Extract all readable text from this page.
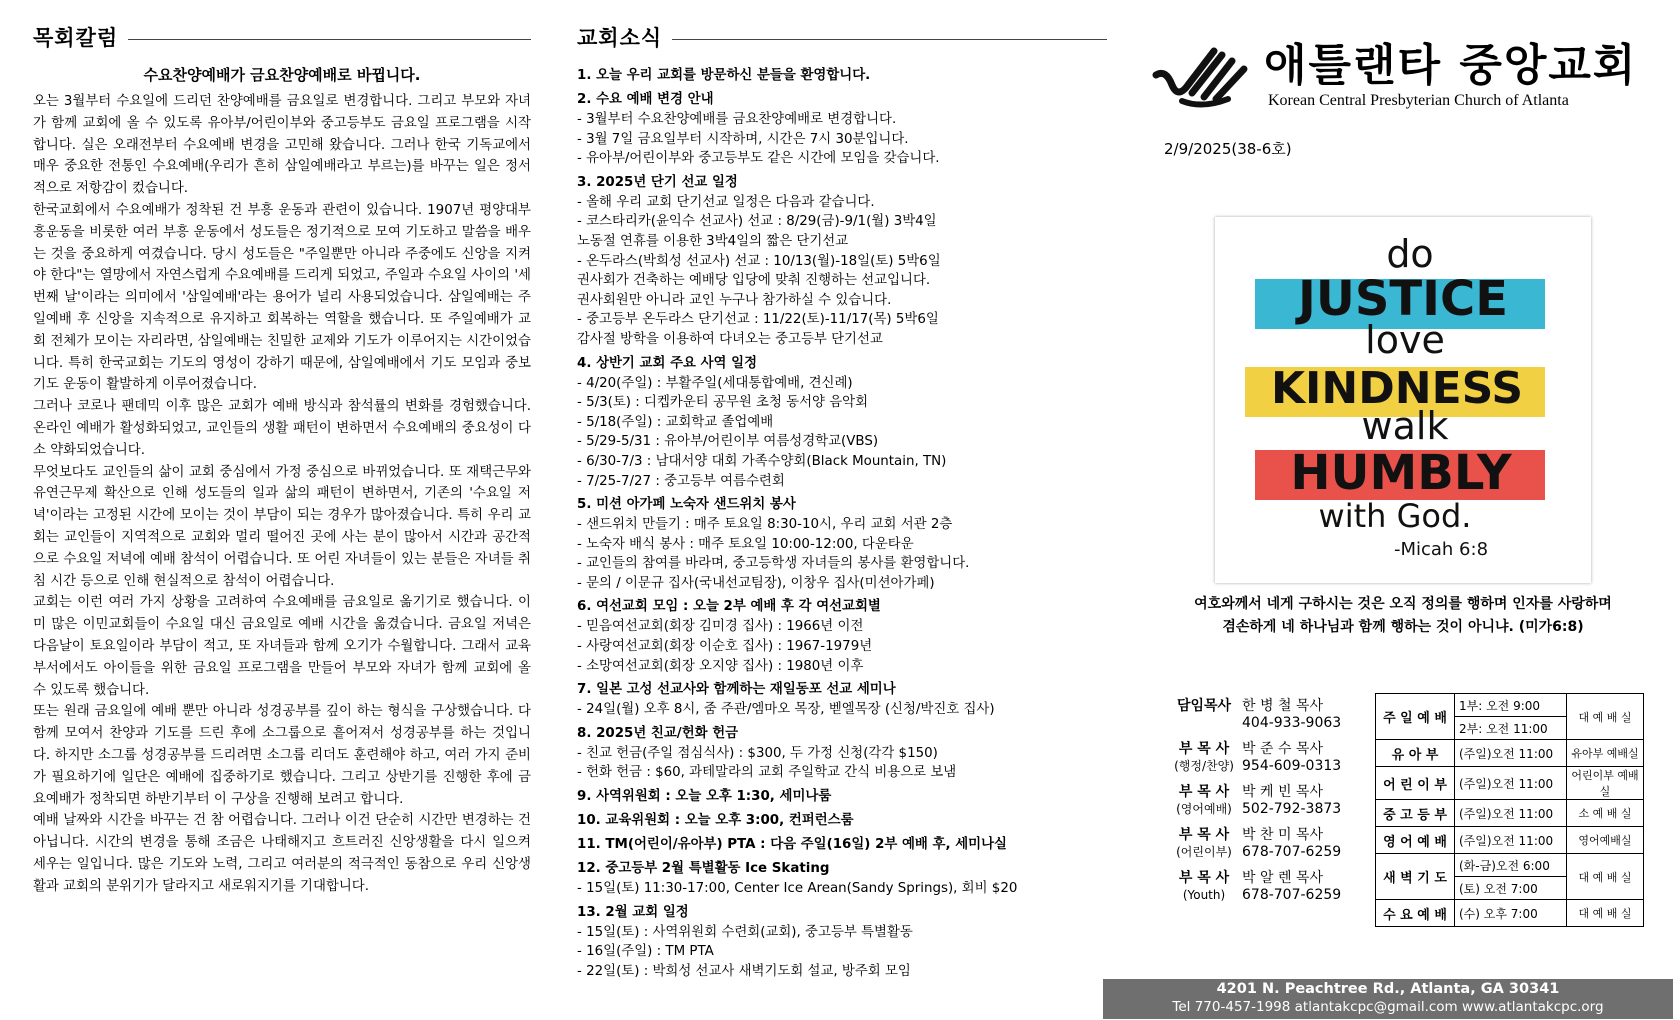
목회칼럼
수요찬양예배가 금요찬양예배로 바뀝니다.

오는 3월부터 수요일에 드리던 찬양예배를 금요일로 변경합니다. 그리고 부모와 자녀가 함께 교회에 올 수 있도록 유아부/어린이부와 중고등부도 금요일 프로그램을 시작합니다. 실은 오래전부터 수요예배 변경을 고민해 왔습니다. 그러나 한국 기독교에서 매우 중요한 전통인 수요예배(우리가 흔히 삼일예배라고 부르는)를 바꾸는 일은 정서적으로 저항감이 컸습니다.

한국교회에서 수요예배가 정착된 건 부흥 운동과 관련이 있습니다. 1907년 평양대부흥운동을 비롯한 여러 부흥 운동에서 성도들은 정기적으로 모여 기도하고 말씀을 배우는 것을 중요하게 여겼습니다. 당시 성도들은 "주일뿐만 아니라 주중에도 신앙을 지켜야 한다"는 열망에서 자연스럽게 수요예배를 드리게 되었고, 주일과 수요일 사이의 '세 번째 날'이라는 의미에서 '삼일예배'라는 용어가 널리 사용되었습니다. 삼일예배는 주일예배 후 신앙을 지속적으로 유지하고 회복하는 역할을 했습니다. 또 주일예배가 교회 전체가 모이는 자리라면, 삼일예배는 친밀한 교제와 기도가 이루어지는 시간이었습니다. 특히 한국교회는 기도의 영성이 강하기 때문에, 삼일예배에서 기도 모임과 중보기도 운동이 활발하게 이루어졌습니다.

그러나 코로나 팬데믹 이후 많은 교회가 예배 방식과 참석률의 변화를 경험했습니다. 온라인 예배가 활성화되었고, 교인들의 생활 패턴이 변하면서 수요예배의 중요성이 다소 약화되었습니다.

무엇보다도 교인들의 삶이 교회 중심에서 가정 중심으로 바뀌었습니다. 또 재택근무와 유연근무제 확산으로 인해 성도들의 일과 삶의 패턴이 변하면서, 기존의 '수요일 저녁'이라는 고정된 시간에 모이는 것이 부담이 되는 경우가 많아졌습니다. 특히 우리 교회는 교인들이 지역적으로 교회와 멀리 떨어진 곳에 사는 분이 많아서 시간과 공간적으로 수요일 저녁에 예배 참석이 어렵습니다. 또 어린 자녀들이 있는 분들은 자녀들 취침 시간 등으로 인해 현실적으로 참석이 어렵습니다.

교회는 이런 여러 가지 상황을 고려하여 수요예배를 금요일로 옮기기로 했습니다. 이미 많은 이민교회들이 수요일 대신 금요일로 예배 시간을 옮겼습니다. 금요일 저녁은 다음날이 토요일이라 부담이 적고, 또 자녀들과 함께 오기가 수월합니다. 그래서 교육부서에서도 아이들을 위한 금요일 프로그램을 만들어 부모와 자녀가 함께 교회에 올 수 있도록 했습니다.

또는 원래 금요일에 예배 뿐만 아니라 성경공부를 깊이 하는 형식을 구상했습니다. 다함께 모여서 찬양과 기도를 드린 후에 소그룹으로 흩어져서 성경공부를 하는 것입니다. 하지만 소그룹 성경공부를 드리려면 소그룹 리더도 훈련해야 하고, 여러 가지 준비가 필요하기에 일단은 예배에 집중하기로 했습니다. 그리고 상반기를 진행한 후에 금요예배가 정착되면 하반기부터 이 구상을 진행해 보려고 합니다.

예배 날짜와 시간을 바꾸는 건 참 어렵습니다. 그러나 이건 단순히 시간만 변경하는 건 아닙니다. 시간의 변경을 통해 조금은 나태해지고 흐트러진 신앙생활을 다시 일으켜 세우는 일입니다. 많은 기도와 노력, 그리고 여러분의 적극적인 동참으로 우리 신앙생활과 교회의 분위기가 달라지고 새로워지기를 기대합니다.

교회소식
1. 오늘 우리 교회를 방문하신 분들을 환영합니다.
2. 수요 예배 변경 안내
- 3월부터 수요찬양예배를 금요찬양예배로 변경합니다.
- 3월 7일 금요일부터 시작하며, 시간은 7시 30분입니다.
- 유아부/어린이부와 중고등부도 같은 시간에 모임을 갖습니다.
3. 2025년 단기 선교 일정
- 올해 우리 교회 단기선교 일정은 다음과 같습니다.
- 코스타리카(윤익수 선교사) 선교 : 8/29(금)-9/1(월) 3박4일
노동절 연휴를 이용한 3박4일의 짧은 단기선교
- 온두라스(박희성 선교사) 선교 : 10/13(월)-18일(토) 5박6일
권사회가 건축하는 예배당 입당에 맞춰 진행하는 선교입니다.
권사회원만 아니라 교인 누구나 참가하실 수 있습니다.
- 중고등부 온두라스 단기선교 : 11/22(토)-11/17(목) 5박6일
감사절 방학을 이용하여 다녀오는 중고등부 단기선교
4. 상반기 교회 주요 사역 일정
- 4/20(주일) : 부활주일(세대통합예배, 견신례)
- 5/3(토) : 디켑카운티 공무원 초청 동서양 음악회
- 5/18(주일) : 교회학교 졸업예배
- 5/29-5/31 : 유아부/어린이부 여름성경학교(VBS)
- 6/30-7/3 : 남대서양 대회 가족수양회(Black Mountain, TN)
- 7/25-7/27 : 중고등부 여름수련회
5. 미션 아가페 노숙자 샌드위치 봉사
- 샌드위치 만들기 : 매주 토요일 8:30-10시, 우리 교회 서관 2층
- 노숙자 배식 봉사 : 매주 토요일 10:00-12:00, 다운타운
- 교인들의 참여를 바라며, 중고등학생 자녀들의 봉사를 환영합니다.
- 문의 / 이문규 집사(국내선교팀장), 이창우 집사(미션아가페)
6. 여선교회 모임 : 오늘 2부 예배 후 각 여선교회별
- 믿음여선교회(회장 김미경 집사) : 1966년 이전
- 사랑여선교회(회장 이순호 집사) : 1967-1979년
- 소망여선교회(회장 오지양 집사) : 1980년 이후
7. 일본 고성 선교사와 함께하는 재일동포 선교 세미나
- 24일(월) 오후 8시, 줌 주관/엠마오 목장, 벧엘목장 (신청/박진호 집사)
8. 2025년 친교/헌화 헌금
- 친교 헌금(주일 점심식사) : $300, 두 가정 신청(각각 $150)
- 헌화 헌금 : $60, 과테말라의 교회 주일학교 간식 비용으로 보냄
9. 사역위원회 : 오늘 오후 1:30, 세미나룸
10. 교육위원회 : 오늘 오후 3:00, 컨퍼런스룸
11. TM(어린이/유아부) PTA : 다음 주일(16일) 2부 예배 후, 세미나실
12. 중고등부 2월 특별활동 Ice Skating
- 15일(토) 11:30-17:00, Center Ice Arean(Sandy Springs), 회비 $20
13. 2월 교회 일정
- 15일(토) : 사역위원회 수련회(교회), 중고등부 특별활동
- 16일(주일) : TM PTA
- 22일(토) : 박희성 선교사 새벽기도회 설교, 방주회 모임
애틀랜타 중앙교회
Korean Central Presbyterian Church of Atlanta
2/9/2025(38-6호)
do
JUSTICE
love
KINDNESS
walk
HUMBLY
with God.
-Micah 6:8
여호와께서 네게 구하시는 것은 오직 정의를 행하며 인자를 사랑하며
겸손하게 네 하나님과 함께 행하는 것이 아니냐. (미가6:8)
담임목사 한 병 철 목사
404-933-9063
부 목 사
(행정/찬양)
박 준 수 목사
954-609-0313
부 목 사
(영어예배)
박 케 빈 목사
502-792-3873
부 목 사
(어린이부)
박 찬 미 목사
678-707-6259
부 목 사
(Youth)
박 알 렌 목사
678-707-6259
주 일 예 배	1부: 오전 9:00	대 예 배 실
	2부: 오전 11:00	
유 아 부	(주일)오전 11:00	유아부 예배실
어 린 이 부	(주일)오전 11:00	어린이부 예배실
중 고 등 부	(주일)오전 11:00	소 예 배 실
영 어 예 배	(주일)오전 11:00	영어예배실
새 벽 기 도	(화-금)오전 6:00	대 예 배 실
	(토) 오전 7:00	
수 요 예 배	(수) 오후 7:00	대 예 배 실
4201 N. Peachtree Rd., Atlanta, GA 30341
Tel 770-457-1998 atlantakcpc@gmail.com www.atlantakcpc.org
